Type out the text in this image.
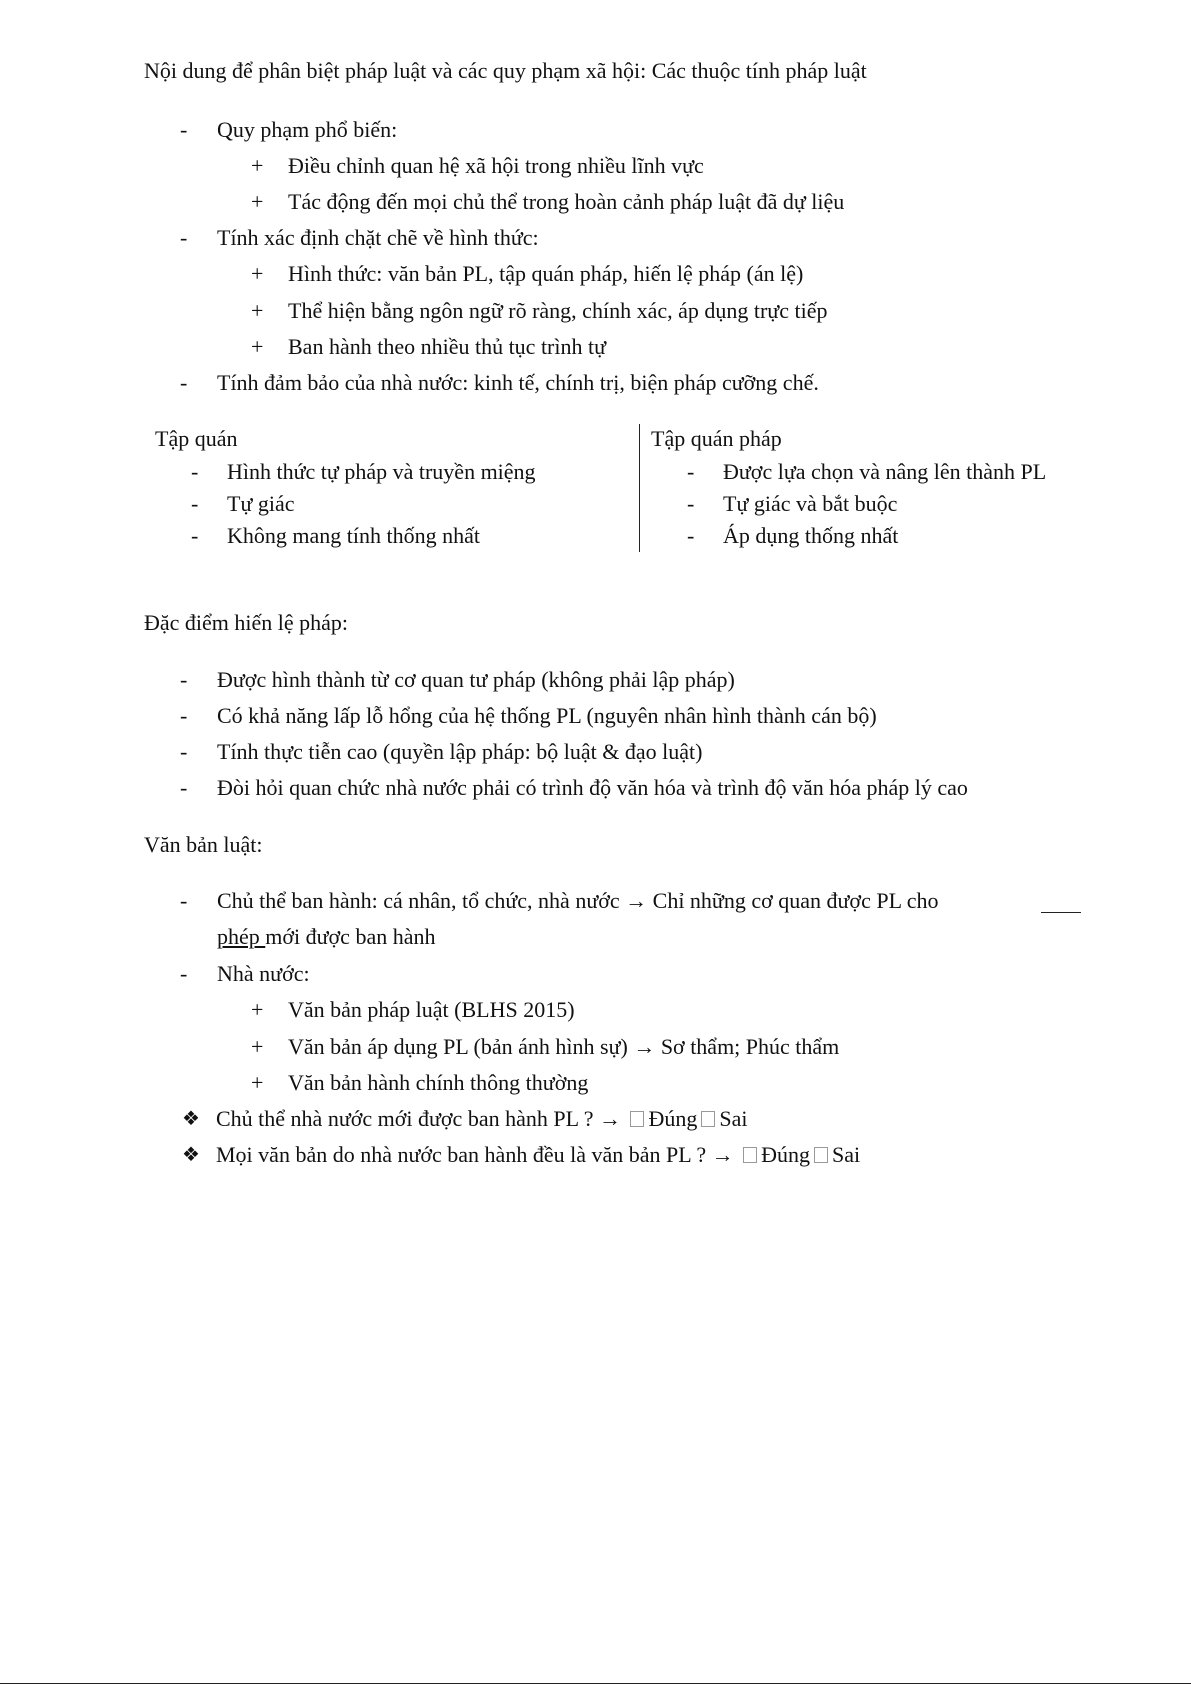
Nội dung để phân biệt pháp luật và các quy phạm xã hội: Các thuộc tính pháp luật
- Quy phạm phổ biến:
+ Điều chỉnh quan hệ xã hội trong nhiều lĩnh vực
+ Tác động đến mọi chủ thể trong hoàn cảnh pháp luật đã dự liệu
- Tính xác định chặt chẽ về hình thức:
+ Hình thức: văn bản PL, tập quán pháp, hiến lệ pháp (án lệ)
+ Thể hiện bằng ngôn ngữ rõ ràng, chính xác, áp dụng trực tiếp
+ Ban hành theo nhiều thủ tục trình tự
- Tính đảm bảo của nhà nước: kinh tế, chính trị, biện pháp cưỡng chế.
Tập quán
- Hình thức tự pháp và truyền miệng
- Tự giác
- Không mang tính thống nhất
Tập quán pháp
- Được lựa chọn và nâng lên thành PL
- Tự giác và bắt buộc
- Áp dụng thống nhất
Đặc điểm hiến lệ pháp:
- Được hình thành từ cơ quan tư pháp (không phải lập pháp)
- Có khả năng lấp lỗ hổng của hệ thống PL (nguyên nhân hình thành cán bộ)
- Tính thực tiễn cao (quyền lập pháp: bộ luật & đạo luật)
- Đòi hỏi quan chức nhà nước phải có trình độ văn hóa và trình độ văn hóa pháp lý cao
Văn bản luật:
- Chủ thể ban hành: cá nhân, tổ chức, nhà nước → Chỉ những cơ quan được PL cho
phép mới được ban hành
- Nhà nước:
+ Văn bản pháp luật (BLHS 2015)
+ Văn bản áp dụng PL (bản ánh hình sự) → Sơ thẩm; Phúc thẩm
+ Văn bản hành chính thông thường
❖ Chủ thể nhà nước mới được ban hành PL ? → Đúng Sai
❖ Mọi văn bản do nhà nước ban hành đều là văn bản PL ? → Đúng Sai
